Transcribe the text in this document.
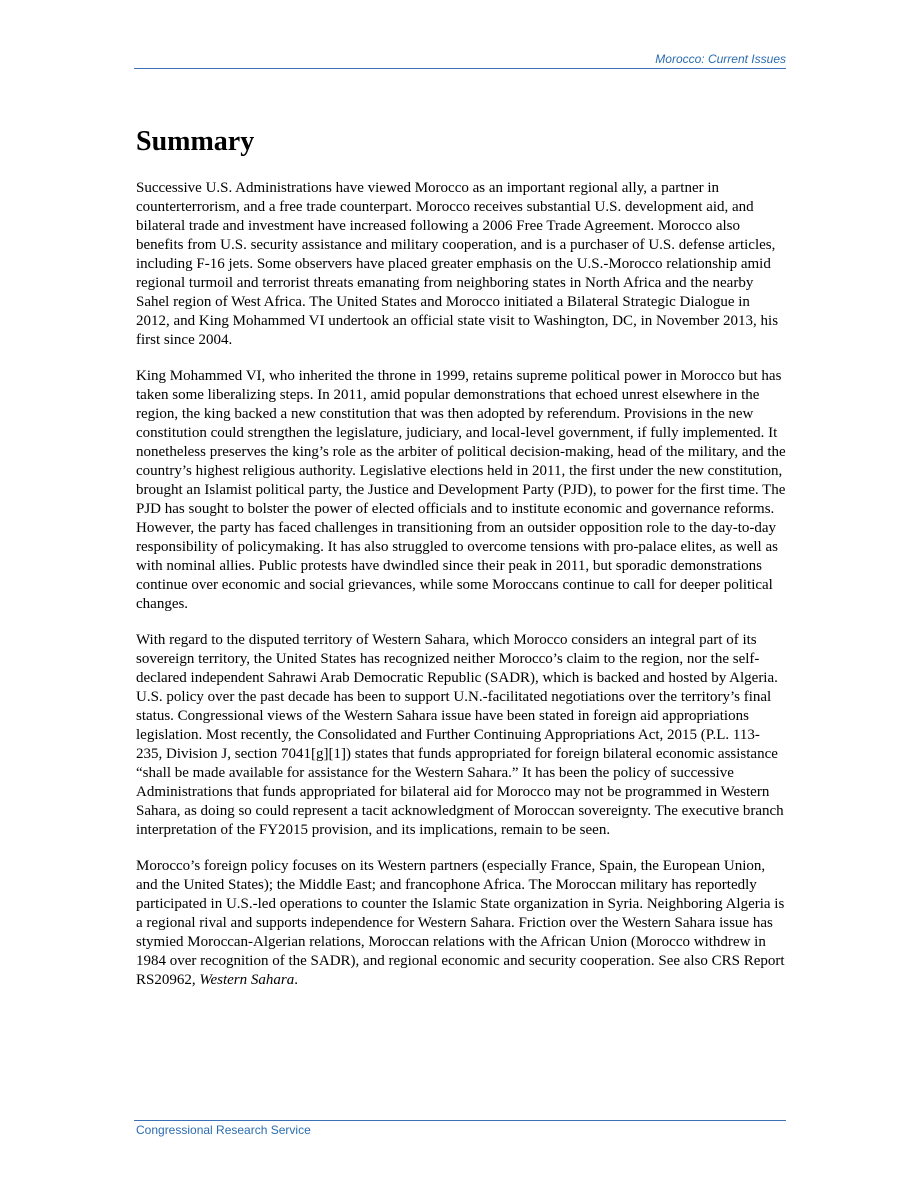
Morocco: Current Issues
Summary

Successive U.S. Administrations have viewed Morocco as an important regional ally, a partner in counterterrorism, and a free trade counterpart. Morocco receives substantial U.S. development aid, and bilateral trade and investment have increased following a 2006 Free Trade Agreement. Morocco also benefits from U.S. security assistance and military cooperation, and is a purchaser of U.S. defense articles, including F-16 jets. Some observers have placed greater emphasis on the U.S.-Morocco relationship amid regional turmoil and terrorist threats emanating from neighboring states in North Africa and the nearby Sahel region of West Africa. The United States and Morocco initiated a Bilateral Strategic Dialogue in 2012, and King Mohammed VI undertook an official state visit to Washington, DC, in November 2013, his first since 2004.

King Mohammed VI, who inherited the throne in 1999, retains supreme political power in Morocco but has taken some liberalizing steps. In 2011, amid popular demonstrations that echoed unrest elsewhere in the region, the king backed a new constitution that was then adopted by referendum. Provisions in the new constitution could strengthen the legislature, judiciary, and local-level government, if fully implemented. It nonetheless preserves the king’s role as the arbiter of political decision-making, head of the military, and the country’s highest religious authority. Legislative elections held in 2011, the first under the new constitution, brought an Islamist political party, the Justice and Development Party (PJD), to power for the first time. The PJD has sought to bolster the power of elected officials and to institute economic and governance reforms. However, the party has faced challenges in transitioning from an outsider opposition role to the day-to-day responsibility of policymaking. It has also struggled to overcome tensions with pro-palace elites, as well as with nominal allies. Public protests have dwindled since their peak in 2011, but sporadic demonstrations continue over economic and social grievances, while some Moroccans continue to call for deeper political changes.

With regard to the disputed territory of Western Sahara, which Morocco considers an integral part of its sovereign territory, the United States has recognized neither Morocco’s claim to the region, nor the self-declared independent Sahrawi Arab Democratic Republic (SADR), which is backed and hosted by Algeria. U.S. policy over the past decade has been to support U.N.-facilitated negotiations over the territory’s final status. Congressional views of the Western Sahara issue have been stated in foreign aid appropriations legislation. Most recently, the Consolidated and Further Continuing Appropriations Act, 2015 (P.L. 113-235, Division J, section 7041[g][1]) states that funds appropriated for foreign bilateral economic assistance “shall be made available for assistance for the Western Sahara.” It has been the policy of successive Administrations that funds appropriated for bilateral aid for Morocco may not be programmed in Western Sahara, as doing so could represent a tacit acknowledgment of Moroccan sovereignty. The executive branch interpretation of the FY2015 provision, and its implications, remain to be seen.

Morocco’s foreign policy focuses on its Western partners (especially France, Spain, the European Union, and the United States); the Middle East; and francophone Africa. The Moroccan military has reportedly participated in U.S.-led operations to counter the Islamic State organization in Syria. Neighboring Algeria is a regional rival and supports independence for Western Sahara. Friction over the Western Sahara issue has stymied Moroccan-Algerian relations, Moroccan relations with the African Union (Morocco withdrew in 1984 over recognition of the SADR), and regional economic and security cooperation. See also CRS Report RS20962, Western Sahara.

Congressional Research Service
